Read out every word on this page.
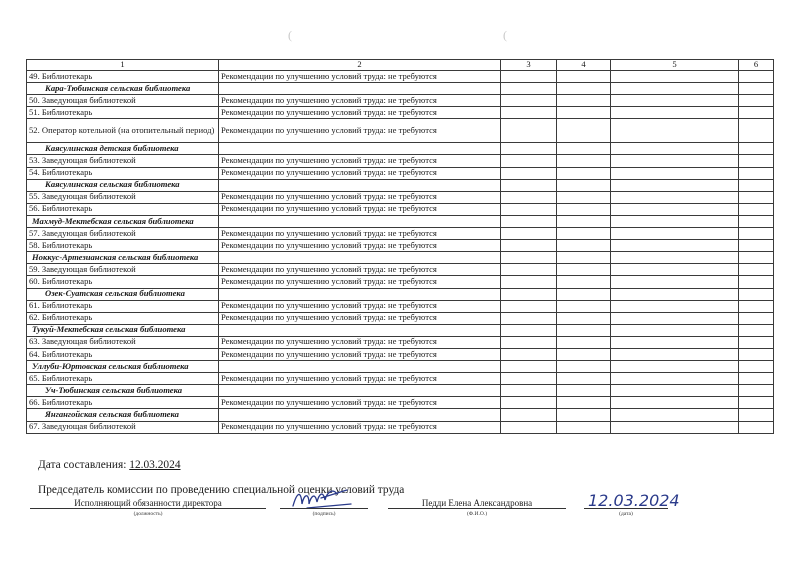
(	(
1	2	3	4	5	6
49. Библиотекарь	Рекомендации по улучшению условий труда: не требуются				
Кара-Тюбинская сельская библиотека					
50. Заведующая библиотекой	Рекомендации по улучшению условий труда: не требуются				
51. Библиотекарь	Рекомендации по улучшению условий труда: не требуются				
52. Оператор котельной (на отопительный период)	Рекомендации по улучшению условий труда: не требуются				
Каясулинская детская библиотека					
53. Заведующая библиотекой	Рекомендации по улучшению условий труда: не требуются				
54. Библиотекарь	Рекомендации по улучшению условий труда: не требуются				
Каясулинская сельская библиотека					
55. Заведующая библиотекой	Рекомендации по улучшению условий труда: не требуются				
56. Библиотекарь	Рекомендации по улучшению условий труда: не требуются				
Махмуд-Мектебская сельская библиотека					
57. Заведующая библиотекой	Рекомендации по улучшению условий труда: не требуются				
58. Библиотекарь	Рекомендации по улучшению условий труда: не требуются				
Ноккус-Артезианская сельская библиотека					
59. Заведующая библиотекой	Рекомендации по улучшению условий труда: не требуются				
60. Библиотекарь	Рекомендации по улучшению условий труда: не требуются				
Озек-Суатская сельская библиотека					
61. Библиотекарь	Рекомендации по улучшению условий труда: не требуются				
62. Библиотекарь	Рекомендации по улучшению условий труда: не требуются				
Тукуй-Мектебская сельская библиотека					
63. Заведующая библиотекой	Рекомендации по улучшению условий труда: не требуются				
64. Библиотекарь	Рекомендации по улучшению условий труда: не требуются				
Уллуби-Юртовская сельская библиотека					
65. Библиотекарь	Рекомендации по улучшению условий труда: не требуются				
Уч-Тюбинская сельская библиотека					
66. Библиотекарь	Рекомендации по улучшению условий труда: не требуются				
Янгангойская сельская библиотека					
67. Заведующая библиотекой	Рекомендации по улучшению условий труда: не требуются				
Дата составления: 12.03.2024
Председатель комиссии по проведению специальной оценки условий труда
Исполняющий обязанности директора
(должность)	(подпись)
Педди Елена Александровна
(Ф.И.О.)
12.03.2024
(дата)
